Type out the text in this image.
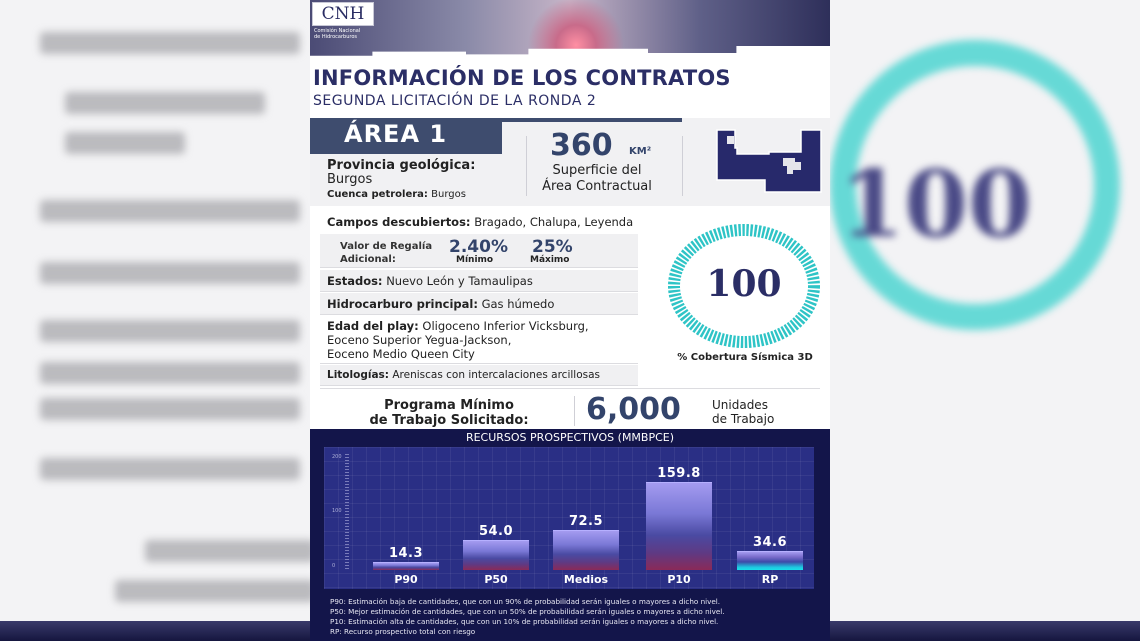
100
CNH
Comisión Nacional
de Hidrocarburos
INFORMACIÓN DE LOS CONTRATOS
SEGUNDA LICITACIÓN DE LA RONDA 2
ÁREA 1
Provincia geológica:
Burgos
Cuenca petrolera: Burgos
360 KM²
Superficie del
Área Contractual
Campos descubiertos: Bragado, Chalupa, Leyenda
Valor de Regalía
Adicional:
2.40%
Mínimo
25%
Máximo
Estados: Nuevo León y Tamaulipas
Hidrocarburo principal: Gas húmedo
Edad del play: Oligoceno Inferior Vicksburg,
Eoceno Superior Yegua-Jackson,
Eoceno Medio Queen City
Litologías: Areniscas con intercalaciones arcillosas
100
% Cobertura Sísmica 3D
Programa Mínimo
de Trabajo Solicitado:	6,000	Unidades
de Trabajo
RECURSOS PROSPECTIVOS (MMBPCE)
200
100
0
14.3
P90
54.0
P50
72.5
Medios
159.8
P10
34.6
RP
P90: Estimación baja de cantidades, que con un 90% de probabilidad serán iguales o mayores a dicho nivel.
P50: Mejor estimación de cantidades, que con un 50% de probabilidad serán iguales o mayores a dicho nivel.
P10: Estimación alta de cantidades, que con un 10% de probabilidad serán iguales o mayores a dicho nivel.
RP: Recurso prospectivo total con riesgo
